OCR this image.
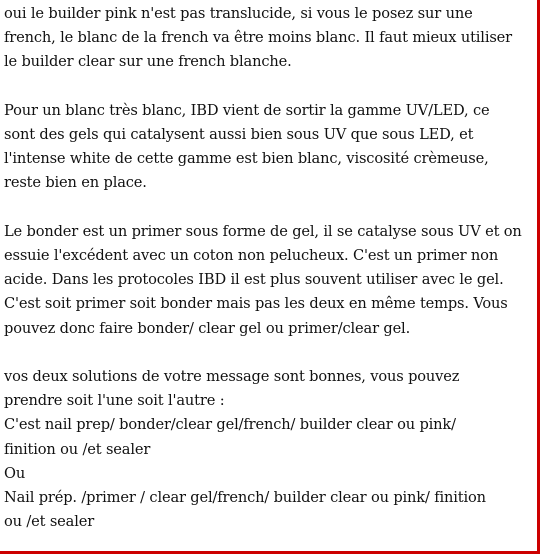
oui le builder pink n'est pas translucide, si vous le posez sur une
french, le blanc de la french va être moins blanc. Il faut mieux utiliser
le builder clear sur une french blanche.

Pour un blanc très blanc, IBD vient de sortir la gamme UV/LED, ce
sont des gels qui catalysent aussi bien sous UV que sous LED, et
l'intense white de cette gamme est bien blanc, viscosité crèmeuse,
reste bien en place.

Le bonder est un primer sous forme de gel, il se catalyse sous UV et on
essuie l'excédent avec un coton non pelucheux. C'est un primer non
acide. Dans les protocoles IBD il est plus souvent utiliser avec le gel.
C'est soit primer soit bonder mais pas les deux en même temps. Vous
pouvez donc faire bonder/ clear gel ou primer/clear gel.

vos deux solutions de votre message sont bonnes, vous pouvez
prendre soit l'une soit l'autre :
C'est nail prep/ bonder/clear gel/french/ builder clear ou pink/
finition ou /et sealer
Ou
Nail prép. /primer / clear gel/french/ builder clear ou pink/ finition
ou /et sealer
